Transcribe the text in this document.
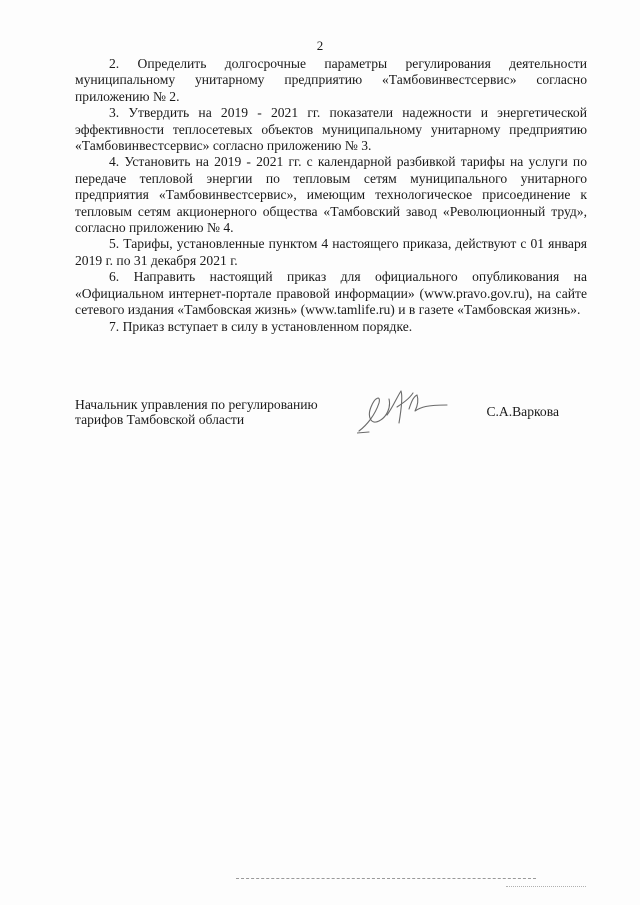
2

2. Определить долгосрочные параметры регулирования деятельности муниципальному унитарному предприятию «Тамбовинвестсервис» согласно приложению № 2.

3. Утвердить на 2019 - 2021 гг. показатели надежности и энергетической эффективности теплосетевых объектов муниципальному унитарному предприятию «Тамбовинвестсервис» согласно приложению № 3.

4. Установить на 2019 - 2021 гг. с календарной разбивкой тарифы на услуги по передаче тепловой энергии по тепловым сетям муниципального унитарного предприятия «Тамбовинвестсервис», имеющим технологическое присоединение к тепловым сетям акционерного общества «Тамбовский завод «Революционный труд», согласно приложению № 4.

5. Тарифы, установленные пунктом 4 настоящего приказа, действуют с 01 января 2019 г. по 31 декабря 2021 г.

6. Направить настоящий приказ для официального опубликования на «Официальном интернет-портале правовой информации» (www.pravo.gov.ru), на сайте сетевого издания «Тамбовская жизнь» (www.tamlife.ru) и в газете «Тамбовская жизнь».

7. Приказ вступает в силу в установленном порядке.

Начальник управления по регулированию
тарифов Тамбовской области
С.А.Варкова
